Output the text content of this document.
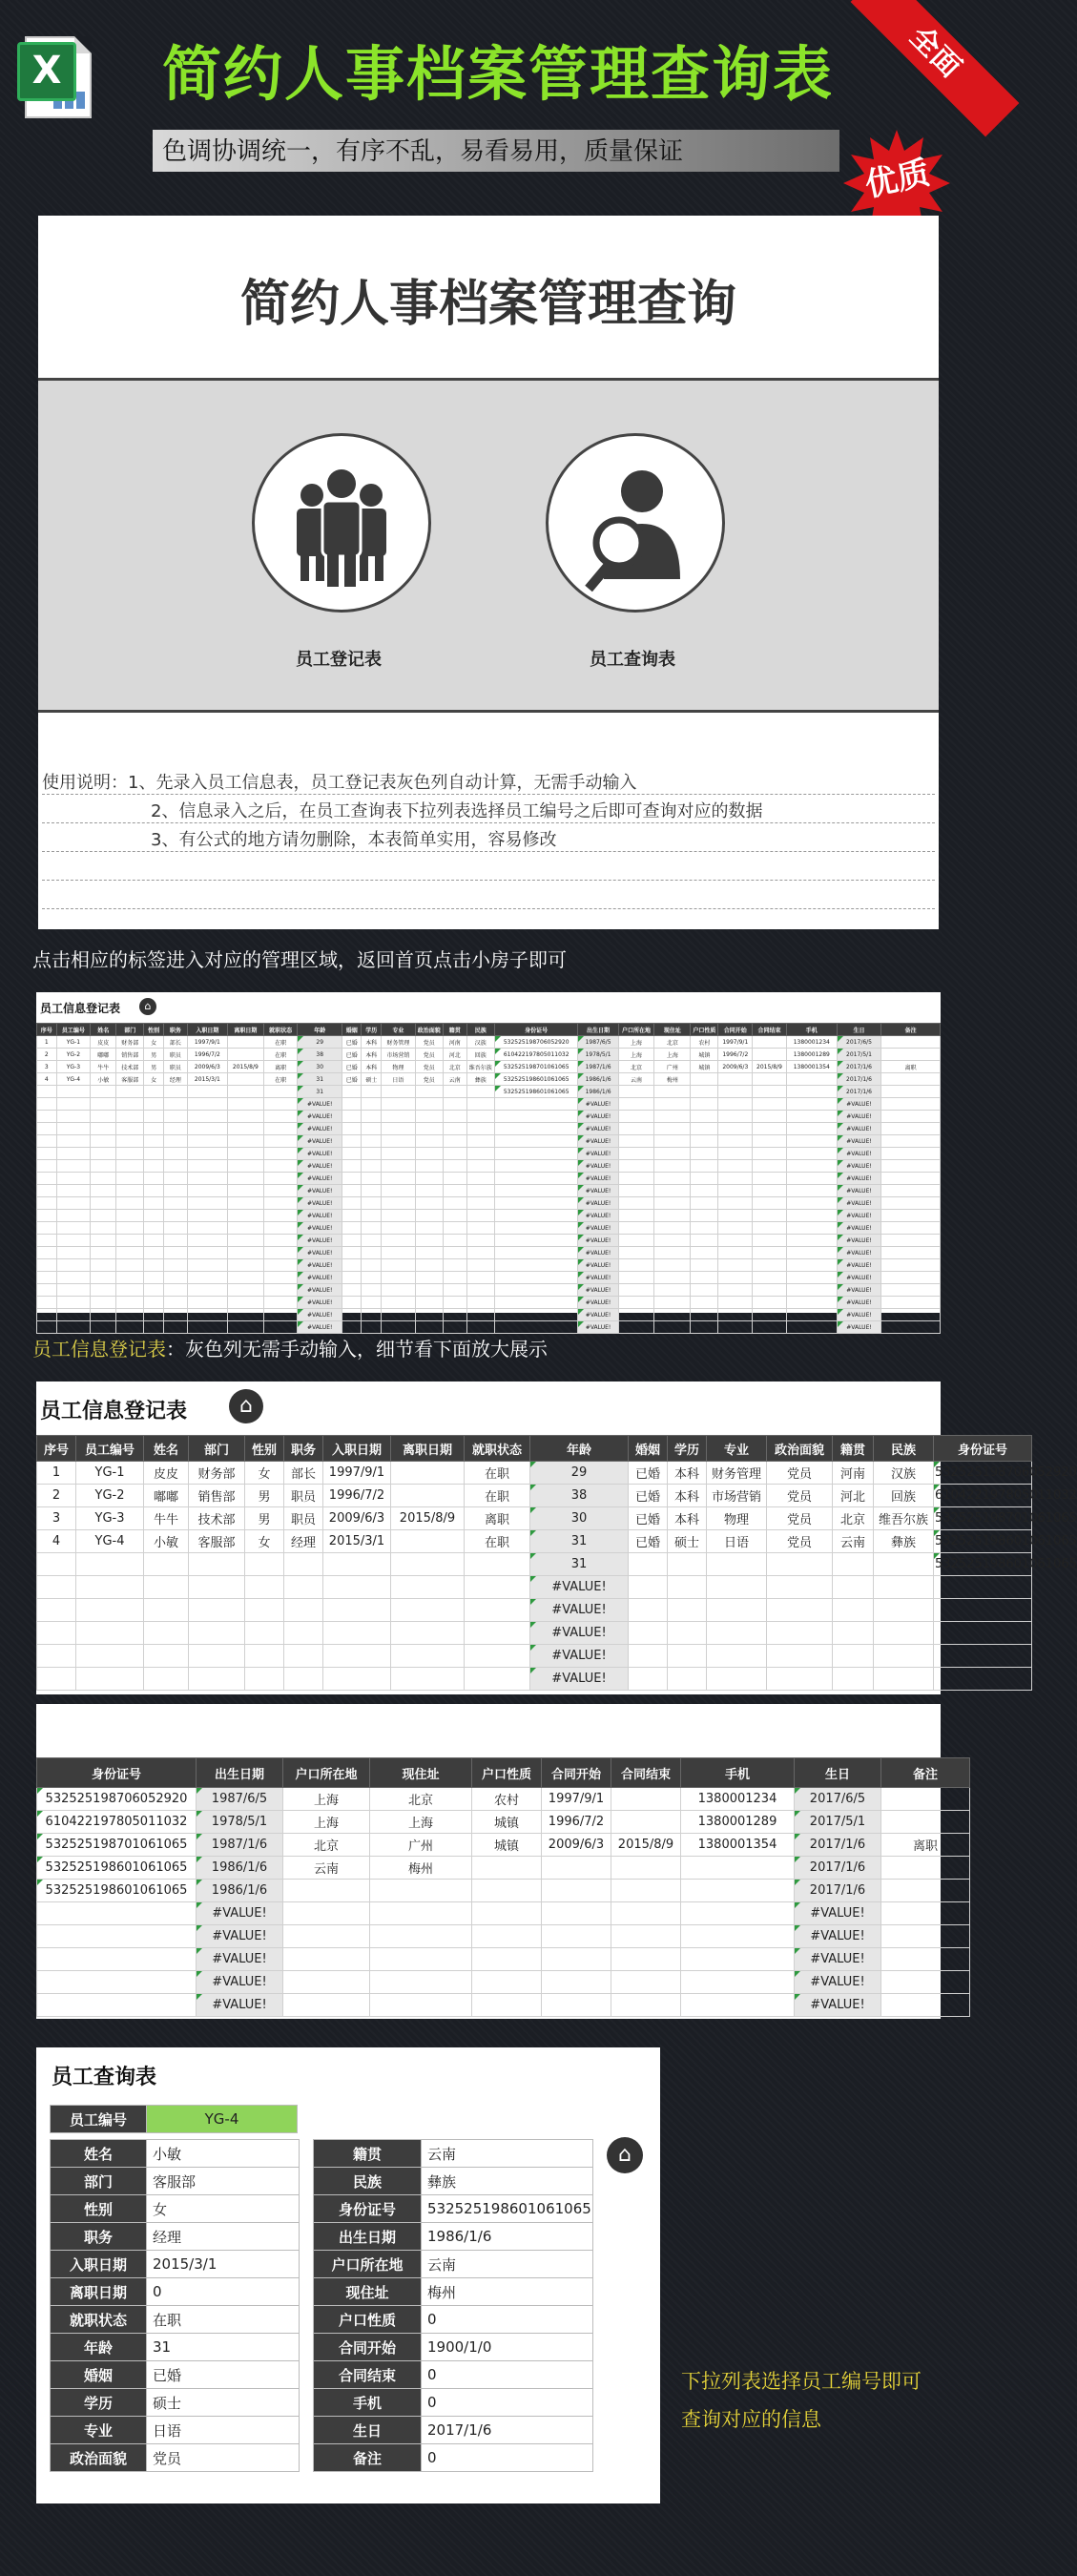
X 简约人事档案管理查询表
色调协调统一，有序不乱，易看易用，质量保证
全面
优质
简约人事档案管理查询
员工登记表	员工查询表
使用说明：1、先录入员工信息表，员工登记表灰色列自动计算，无需手动输入
2、信息录入之后，在员工查询表下拉列表选择员工编号之后即可查询对应的数据
3、有公式的地方请勿删除，本表简单实用，容易修改
点击相应的标签进入对应的管理区域，返回首页点击小房子即可
员工信息登记表	⌂
序号	员工编号	姓名	部门	性别	职务	入职日期	离职日期	就职状态	年龄	婚姻	学历	专业	政治面貌	籍贯	民族	身份证号	出生日期	户口所在地	现住址	户口性质	合同开始	合同结束	手机	生日	备注
1	YG-1	皮皮	财务部	女	部长	1997/9/1		在职	29	已婚	本科	财务管理	党员	河南	汉族	532525198706052920	1987/6/5	上海	北京	农村	1997/9/1		1380001234	2017/6/5	
2	YG-2	嘟嘟	销售部	男	职员	1996/7/2		在职	38	已婚	本科	市场营销	党员	河北	回族	610422197805011032	1978/5/1	上海	上海	城镇	1996/7/2		1380001289	2017/5/1	
3	YG-3	牛牛	技术部	男	职员	2009/6/3	2015/8/9	离职	30	已婚	本科	物理	党员	北京	维吾尔族	532525198701061065	1987/1/6	北京	广州	城镇	2009/6/3	2015/8/9	1380001354	2017/1/6	离职
4	YG-4	小敏	客服部	女	经理	2015/3/1		在职	31	已婚	硕士	日语	党员	云南	彝族	532525198601061065	1986/1/6	云南	梅州					2017/1/6	
									31							532525198601061065	1986/1/6							2017/1/6	
									#VALUE!								#VALUE!							#VALUE!	
									#VALUE!								#VALUE!							#VALUE!	
									#VALUE!								#VALUE!							#VALUE!	
									#VALUE!								#VALUE!							#VALUE!	
									#VALUE!								#VALUE!							#VALUE!	
									#VALUE!								#VALUE!							#VALUE!	
									#VALUE!								#VALUE!							#VALUE!	
									#VALUE!								#VALUE!							#VALUE!	
									#VALUE!								#VALUE!							#VALUE!	
									#VALUE!								#VALUE!							#VALUE!	
									#VALUE!								#VALUE!							#VALUE!	
									#VALUE!								#VALUE!							#VALUE!	
									#VALUE!								#VALUE!							#VALUE!	
									#VALUE!								#VALUE!							#VALUE!	
									#VALUE!								#VALUE!							#VALUE!	
									#VALUE!								#VALUE!							#VALUE!	
									#VALUE!								#VALUE!							#VALUE!	
									#VALUE!								#VALUE!							#VALUE!	
									#VALUE!								#VALUE!							#VALUE!	
员工信息登记表：灰色列无需手动输入，细节看下面放大展示
员工信息登记表	⌂
序号	员工编号	姓名	部门	性别	职务	入职日期	离职日期	就职状态	年龄	婚姻	学历	专业	政治面貌	籍贯	民族	身份证号
1	YG-1	皮皮	财务部	女	部长	1997/9/1		在职	29	已婚	本科	财务管理	党员	河南	汉族	532525198706052920
2	YG-2	嘟嘟	销售部	男	职员	1996/7/2		在职	38	已婚	本科	市场营销	党员	河北	回族	610422197805011032
3	YG-3	牛牛	技术部	男	职员	2009/6/3	2015/8/9	离职	30	已婚	本科	物理	党员	北京	维吾尔族	532525198701061065
4	YG-4	小敏	客服部	女	经理	2015/3/1		在职	31	已婚	硕士	日语	党员	云南	彝族	532525198601061065
									31							532525198601061065
									#VALUE!							
									#VALUE!							
									#VALUE!							
									#VALUE!							
									#VALUE!							
身份证号	出生日期	户口所在地	现住址	户口性质	合同开始	合同结束	手机	生日	备注
532525198706052920	1987/6/5	上海	北京	农村	1997/9/1		1380001234	2017/6/5	
610422197805011032	1978/5/1	上海	上海	城镇	1996/7/2		1380001289	2017/5/1	
532525198701061065	1987/1/6	北京	广州	城镇	2009/6/3	2015/8/9	1380001354	2017/1/6	离职
532525198601061065	1986/1/6	云南	梅州					2017/1/6	
532525198601061065	1986/1/6							2017/1/6	
	#VALUE!							#VALUE!	
	#VALUE!							#VALUE!	
	#VALUE!							#VALUE!	
	#VALUE!							#VALUE!	
	#VALUE!							#VALUE!	
员工查询表
员工编号	YG-4
姓名	小敏
部门	客服部
性别	女
职务	经理
入职日期	2015/3/1
离职日期	0
就职状态	在职
年龄	31
婚姻	已婚
学历	硕士
专业	日语
政治面貌	党员
籍贯	云南
民族	彝族
身份证号	532525198601061065
出生日期	1986/1/6
户口所在地	云南
现住址	梅州
户口性质	0
合同开始	1900/1/0
合同结束	0
手机	0
生日	2017/1/6
备注	0
⌂
下拉列表选择员工编号即可
查询对应的信息
